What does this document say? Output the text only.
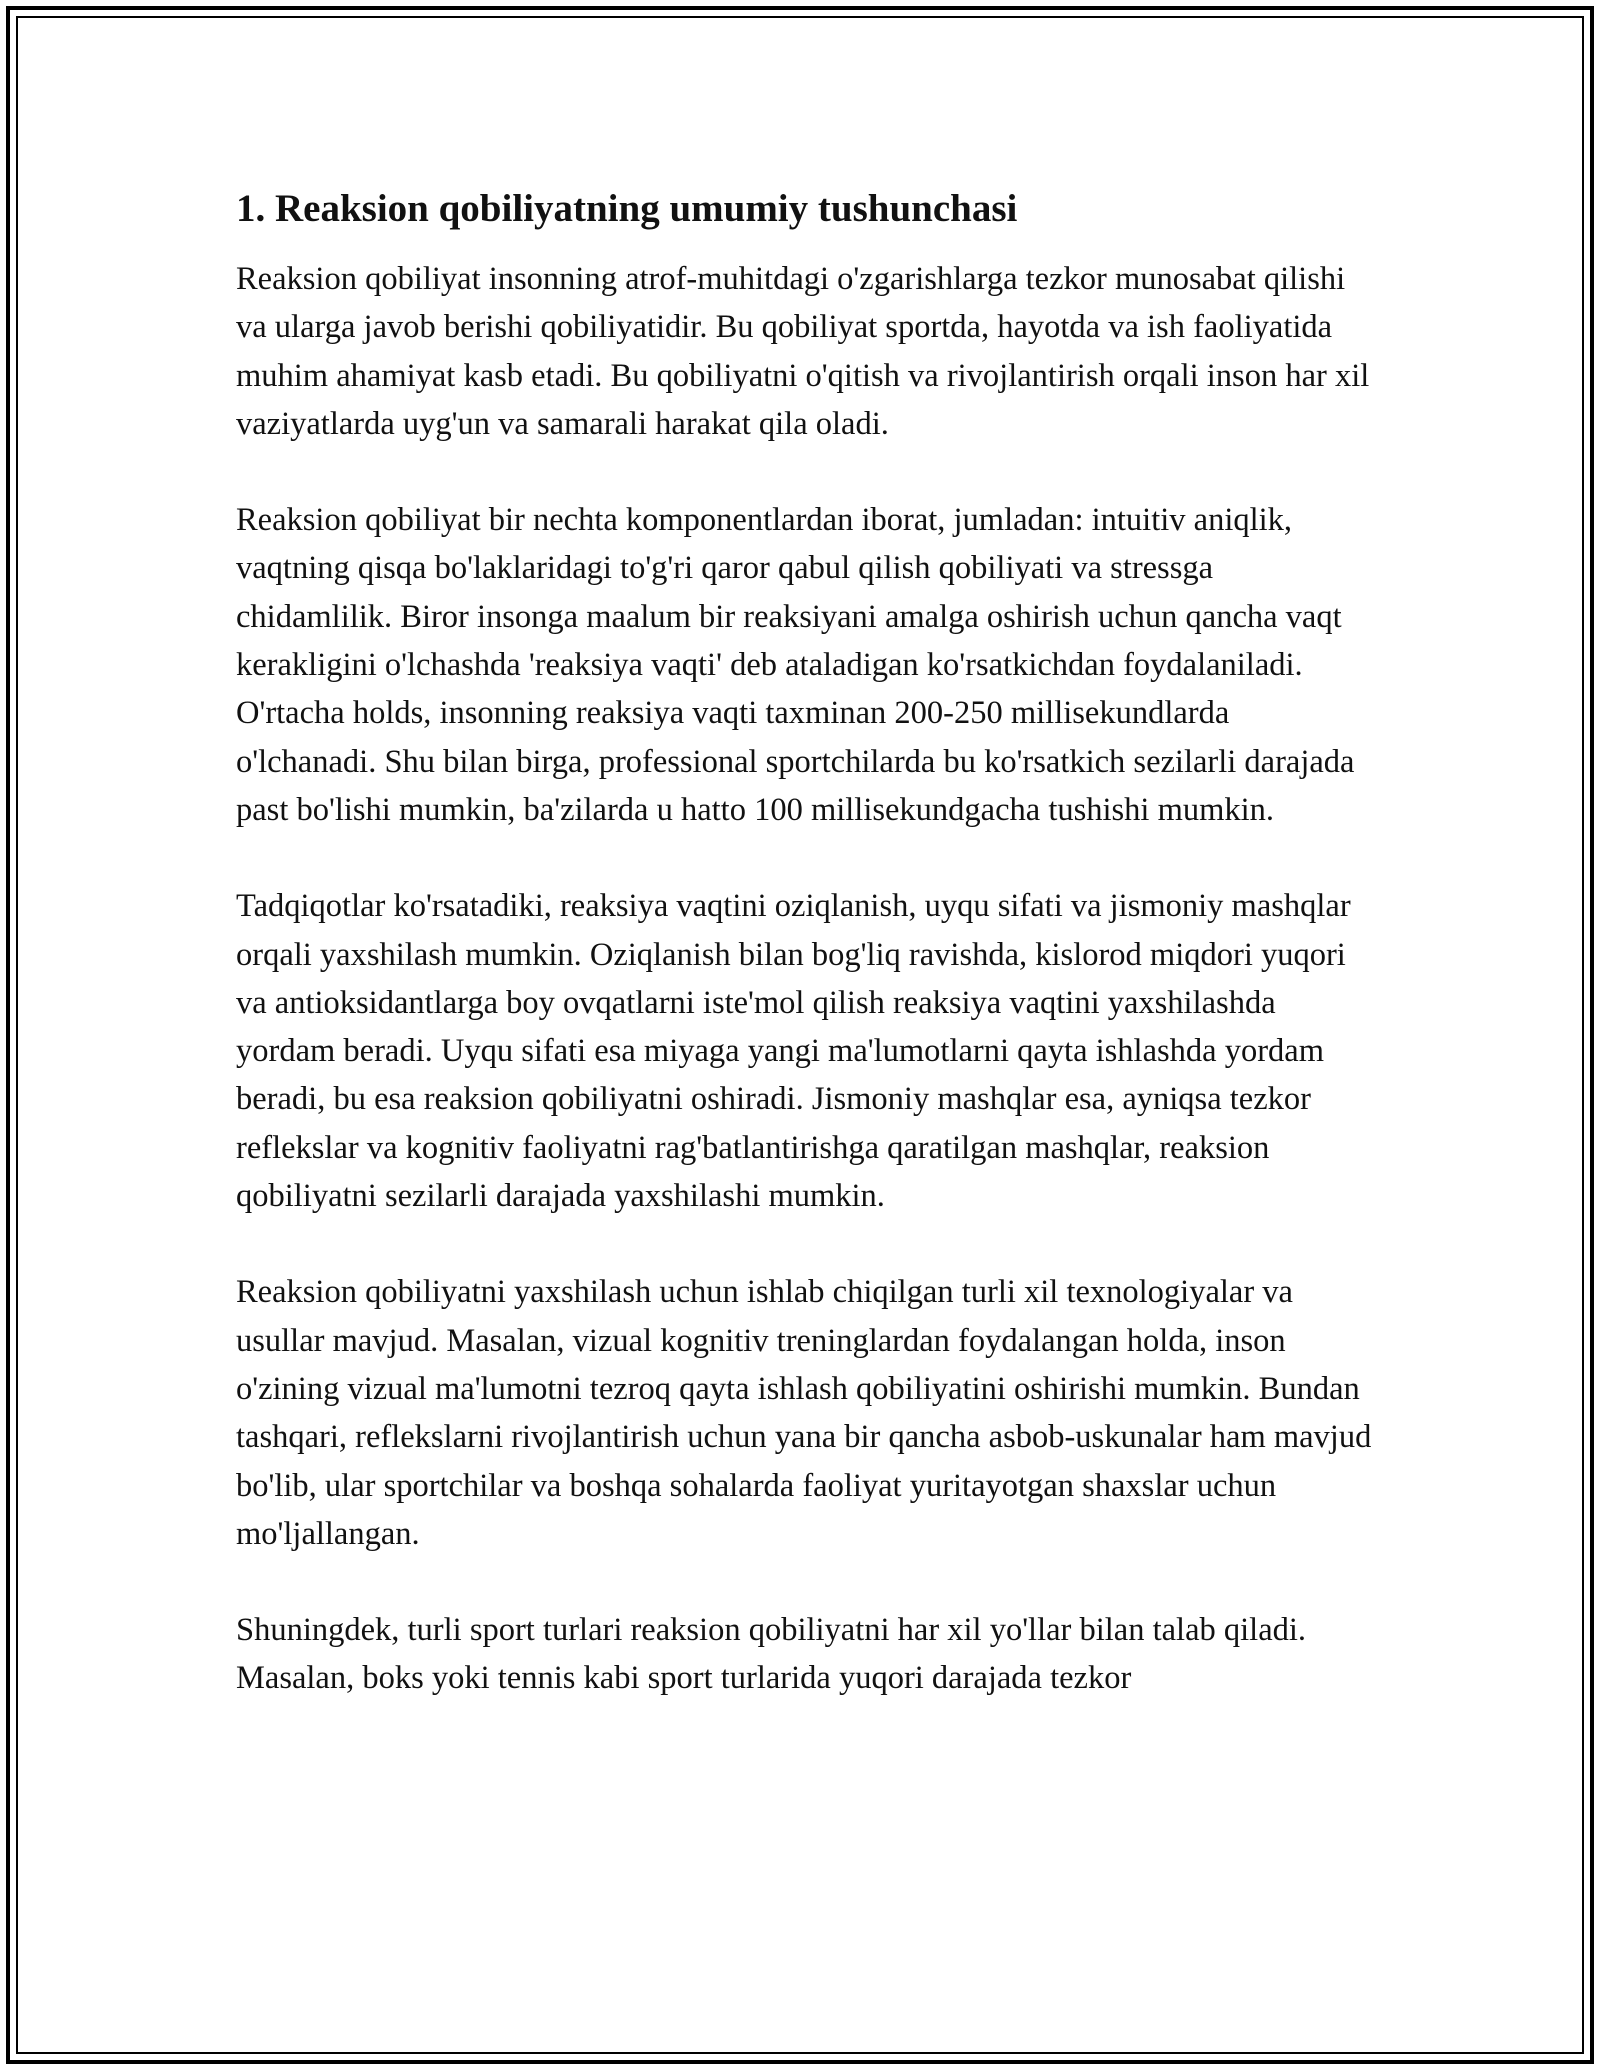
1. Reaksion qobiliyatning umumiy tushunchasi

Reaksion qobiliyat insonning atrof-muhitdagi o'zgarishlarga tezkor munosabat qilishi va ularga javob berishi qobiliyatidir. Bu qobiliyat sportda, hayotda va ish faoliyatida muhim ahamiyat kasb etadi. Bu qobiliyatni o'qitish va rivojlantirish orqali inson har xil vaziyatlarda uyg'un va samarali harakat qila oladi.

Reaksion qobiliyat bir nechta komponentlardan iborat, jumladan: intuitiv aniqlik, vaqtning qisqa bo'laklaridagi to'g'ri qaror qabul qilish qobiliyati va stressga chidamlilik. Biror insonga maalum bir reaksiyani amalga oshirish uchun qancha vaqt kerakligini o'lchashda 'reaksiya vaqti' deb ataladigan ko'rsatkichdan foydalaniladi. O'rtacha holds, insonning reaksiya vaqti taxminan 200-250 millisekundlarda o'lchanadi. Shu bilan birga, professional sportchilarda bu ko'rsatkich sezilarli darajada past bo'lishi mumkin, ba'zilarda u hatto 100 millisekundgacha tushishi mumkin.

Tadqiqotlar ko'rsatadiki, reaksiya vaqtini oziqlanish, uyqu sifati va jismoniy mashqlar orqali yaxshilash mumkin. Oziqlanish bilan bog'liq ravishda, kislorod miqdori yuqori va antioksidantlarga boy ovqatlarni iste'mol qilish reaksiya vaqtini yaxshilashda yordam beradi. Uyqu sifati esa miyaga yangi ma'lumotlarni qayta ishlashda yordam beradi, bu esa reaksion qobiliyatni oshiradi. Jismoniy mashqlar esa, ayniqsa tezkor reflekslar va kognitiv faoliyatni rag'batlantirishga qaratilgan mashqlar, reaksion qobiliyatni sezilarli darajada yaxshilashi mumkin.

Reaksion qobiliyatni yaxshilash uchun ishlab chiqilgan turli xil texnologiyalar va usullar mavjud. Masalan, vizual kognitiv treninglardan foydalangan holda, inson o'zining vizual ma'lumotni tezroq qayta ishlash qobiliyatini oshirishi mumkin. Bundan tashqari, reflekslarni rivojlantirish uchun yana bir qancha asbob-uskunalar ham mavjud bo'lib, ular sportchilar va boshqa sohalarda faoliyat yuritayotgan shaxslar uchun mo'ljallangan.

Shuningdek, turli sport turlari reaksion qobiliyatni har xil yo'llar bilan talab qiladi. Masalan, boks yoki tennis kabi sport turlarida yuqori darajada tezkor
